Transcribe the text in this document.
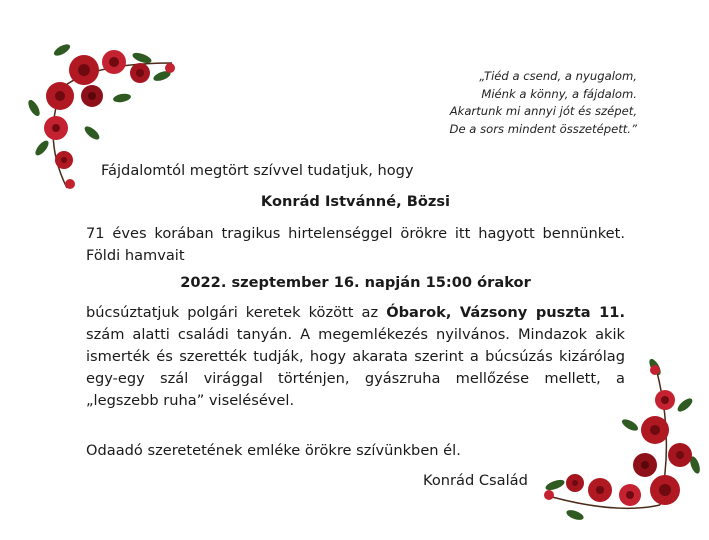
„Tiéd a csend, a nyugalom,
Miénk a könny, a fájdalom.
Akartunk mi annyi jót és szépet,
De a sors mindent összetépett.”
Fájdalomtól megtört szívvel tudatjuk, hogy
Konrád Istvánné, Bözsi
71 éves korában tragikus hirtelenséggel örökre itt hagyott bennünket. Földi hamvait
2022. szeptember 16. napján 15:00 órakor
búcsúztatjuk polgári keretek között az Óbarok, Vázsony puszta 11. szám alatti családi tanyán. A megemlékezés nyilvános. Mindazok akik ismerték és szerették tudják, hogy akarata szerint a búcsúzás kizárólag egy-egy szál virággal történjen, gyászruha mellőzése mellett, a „legszebb ruha” viselésével.
Odaadó szeretetének emléke örökre szívünkben él.
Konrád Család
